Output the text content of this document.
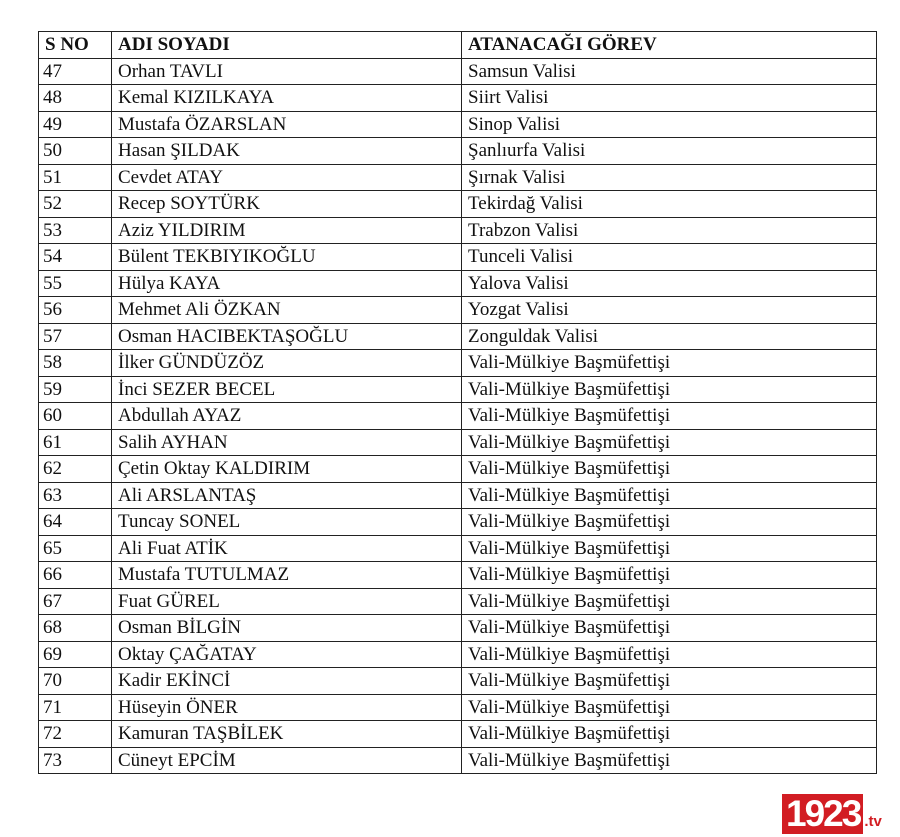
S NO	ADI SOYADI	ATANACAĞI GÖREV
47	Orhan TAVLI	Samsun Valisi
48	Kemal KIZILKAYA	Siirt Valisi
49	Mustafa ÖZARSLAN	Sinop Valisi
50	Hasan ŞILDAK	Şanlıurfa Valisi
51	Cevdet ATAY	Şırnak Valisi
52	Recep SOYTÜRK	Tekirdağ Valisi
53	Aziz YILDIRIM	Trabzon Valisi
54	Bülent TEKBIYIKOĞLU	Tunceli Valisi
55	Hülya KAYA	Yalova Valisi
56	Mehmet Ali ÖZKAN	Yozgat Valisi
57	Osman HACIBEKTAŞOĞLU	Zonguldak Valisi
58	İlker GÜNDÜZÖZ	Vali-Mülkiye Başmüfettişi
59	İnci SEZER BECEL	Vali-Mülkiye Başmüfettişi
60	Abdullah AYAZ	Vali-Mülkiye Başmüfettişi
61	Salih AYHAN	Vali-Mülkiye Başmüfettişi
62	Çetin Oktay KALDIRIM	Vali-Mülkiye Başmüfettişi
63	Ali ARSLANTAŞ	Vali-Mülkiye Başmüfettişi
64	Tuncay SONEL	Vali-Mülkiye Başmüfettişi
65	Ali Fuat ATİK	Vali-Mülkiye Başmüfettişi
66	Mustafa TUTULMAZ	Vali-Mülkiye Başmüfettişi
67	Fuat GÜREL	Vali-Mülkiye Başmüfettişi
68	Osman BİLGİN	Vali-Mülkiye Başmüfettişi
69	Oktay ÇAĞATAY	Vali-Mülkiye Başmüfettişi
70	Kadir EKİNCİ	Vali-Mülkiye Başmüfettişi
71	Hüseyin ÖNER	Vali-Mülkiye Başmüfettişi
72	Kamuran TAŞBİLEK	Vali-Mülkiye Başmüfettişi
73	Cüneyt EPCİM	Vali-Mülkiye Başmüfettişi
1923 .tv
